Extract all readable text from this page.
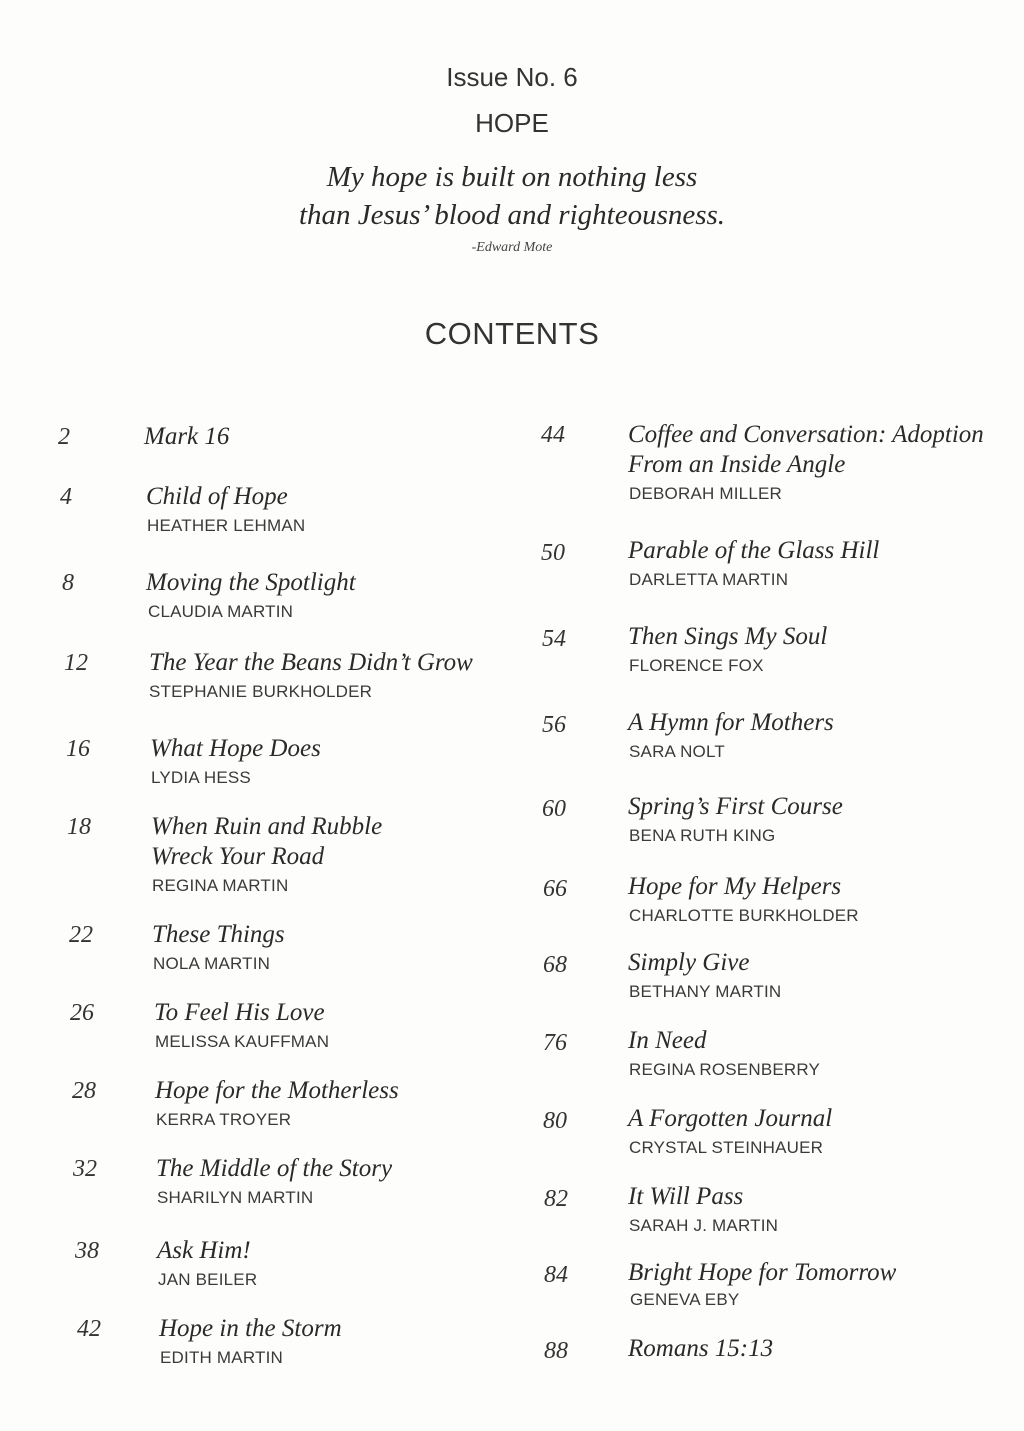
Issue No. 6
HOPE
My hope is built on nothing less
than Jesus’ blood and righteousness.
-Edward Mote
CONTENTS
2	Mark 16
4	Child of Hope
HEATHER LEHMAN
8	Moving the Spotlight
CLAUDIA MARTIN
12 The Year the Beans Didn’t Grow
STEPHANIE BURKHOLDER
16 What Hope Does
LYDIA HESS
18 When Ruin and Rubble
Wreck Your Road
REGINA MARTIN
22 These Things
NOLA MARTIN
26 To Feel His Love
MELISSA KAUFFMAN
28 Hope for the Motherless
KERRA TROYER
32 The Middle of the Story
SHARILYN MARTIN
38 Ask Him!
JAN BEILER
42 Hope in the Storm
EDITH MARTIN
44	Coffee and Conversation: Adoption
From an Inside Angle
DEBORAH MILLER
50	Parable of the Glass Hill
DARLETTA MARTIN
54 Then Sings My Soul
FLORENCE FOX
56 A Hymn for Mothers
SARA NOLT
60 Spring’s First Course
BENA RUTH KING
66 Hope for My Helpers
CHARLOTTE BURKHOLDER
68 Simply Give
BETHANY MARTIN
76 In Need
REGINA ROSENBERRY
80 A Forgotten Journal
CRYSTAL STEINHAUER
82 It Will Pass
SARAH J. MARTIN
84 Bright Hope for Tomorrow
GENEVA EBY
88 Romans 15:13
